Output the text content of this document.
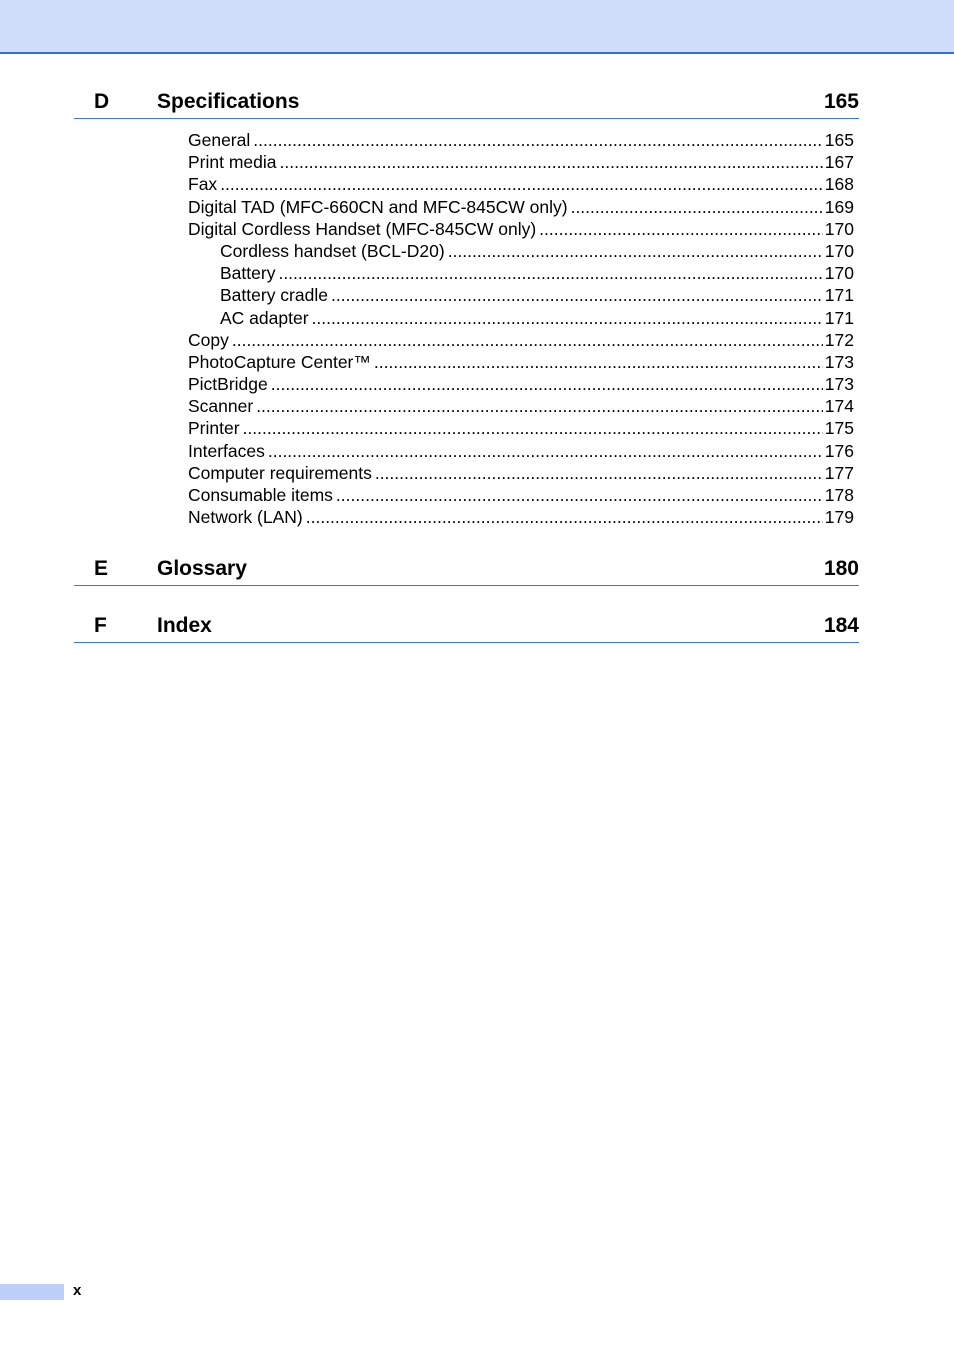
D Specifications	165
General .....	165
Print media .....	167
Fax .....	168
Digital TAD (MFC-660CN and MFC-845CW only) .....	169
Digital Cordless Handset (MFC-845CW only) .....	170
Cordless handset (BCL-D20) .....	170
Battery .....	170
Battery cradle .....	171
AC adapter .....	171
Copy .....	172
PhotoCapture Center™ .....	173
PictBridge .....	173
Scanner .....	174
Printer .....	175
Interfaces .....	176
Computer requirements .....	177
Consumable items .....	178
Network (LAN) .....	179
E Glossary	180
F Index	184
x
